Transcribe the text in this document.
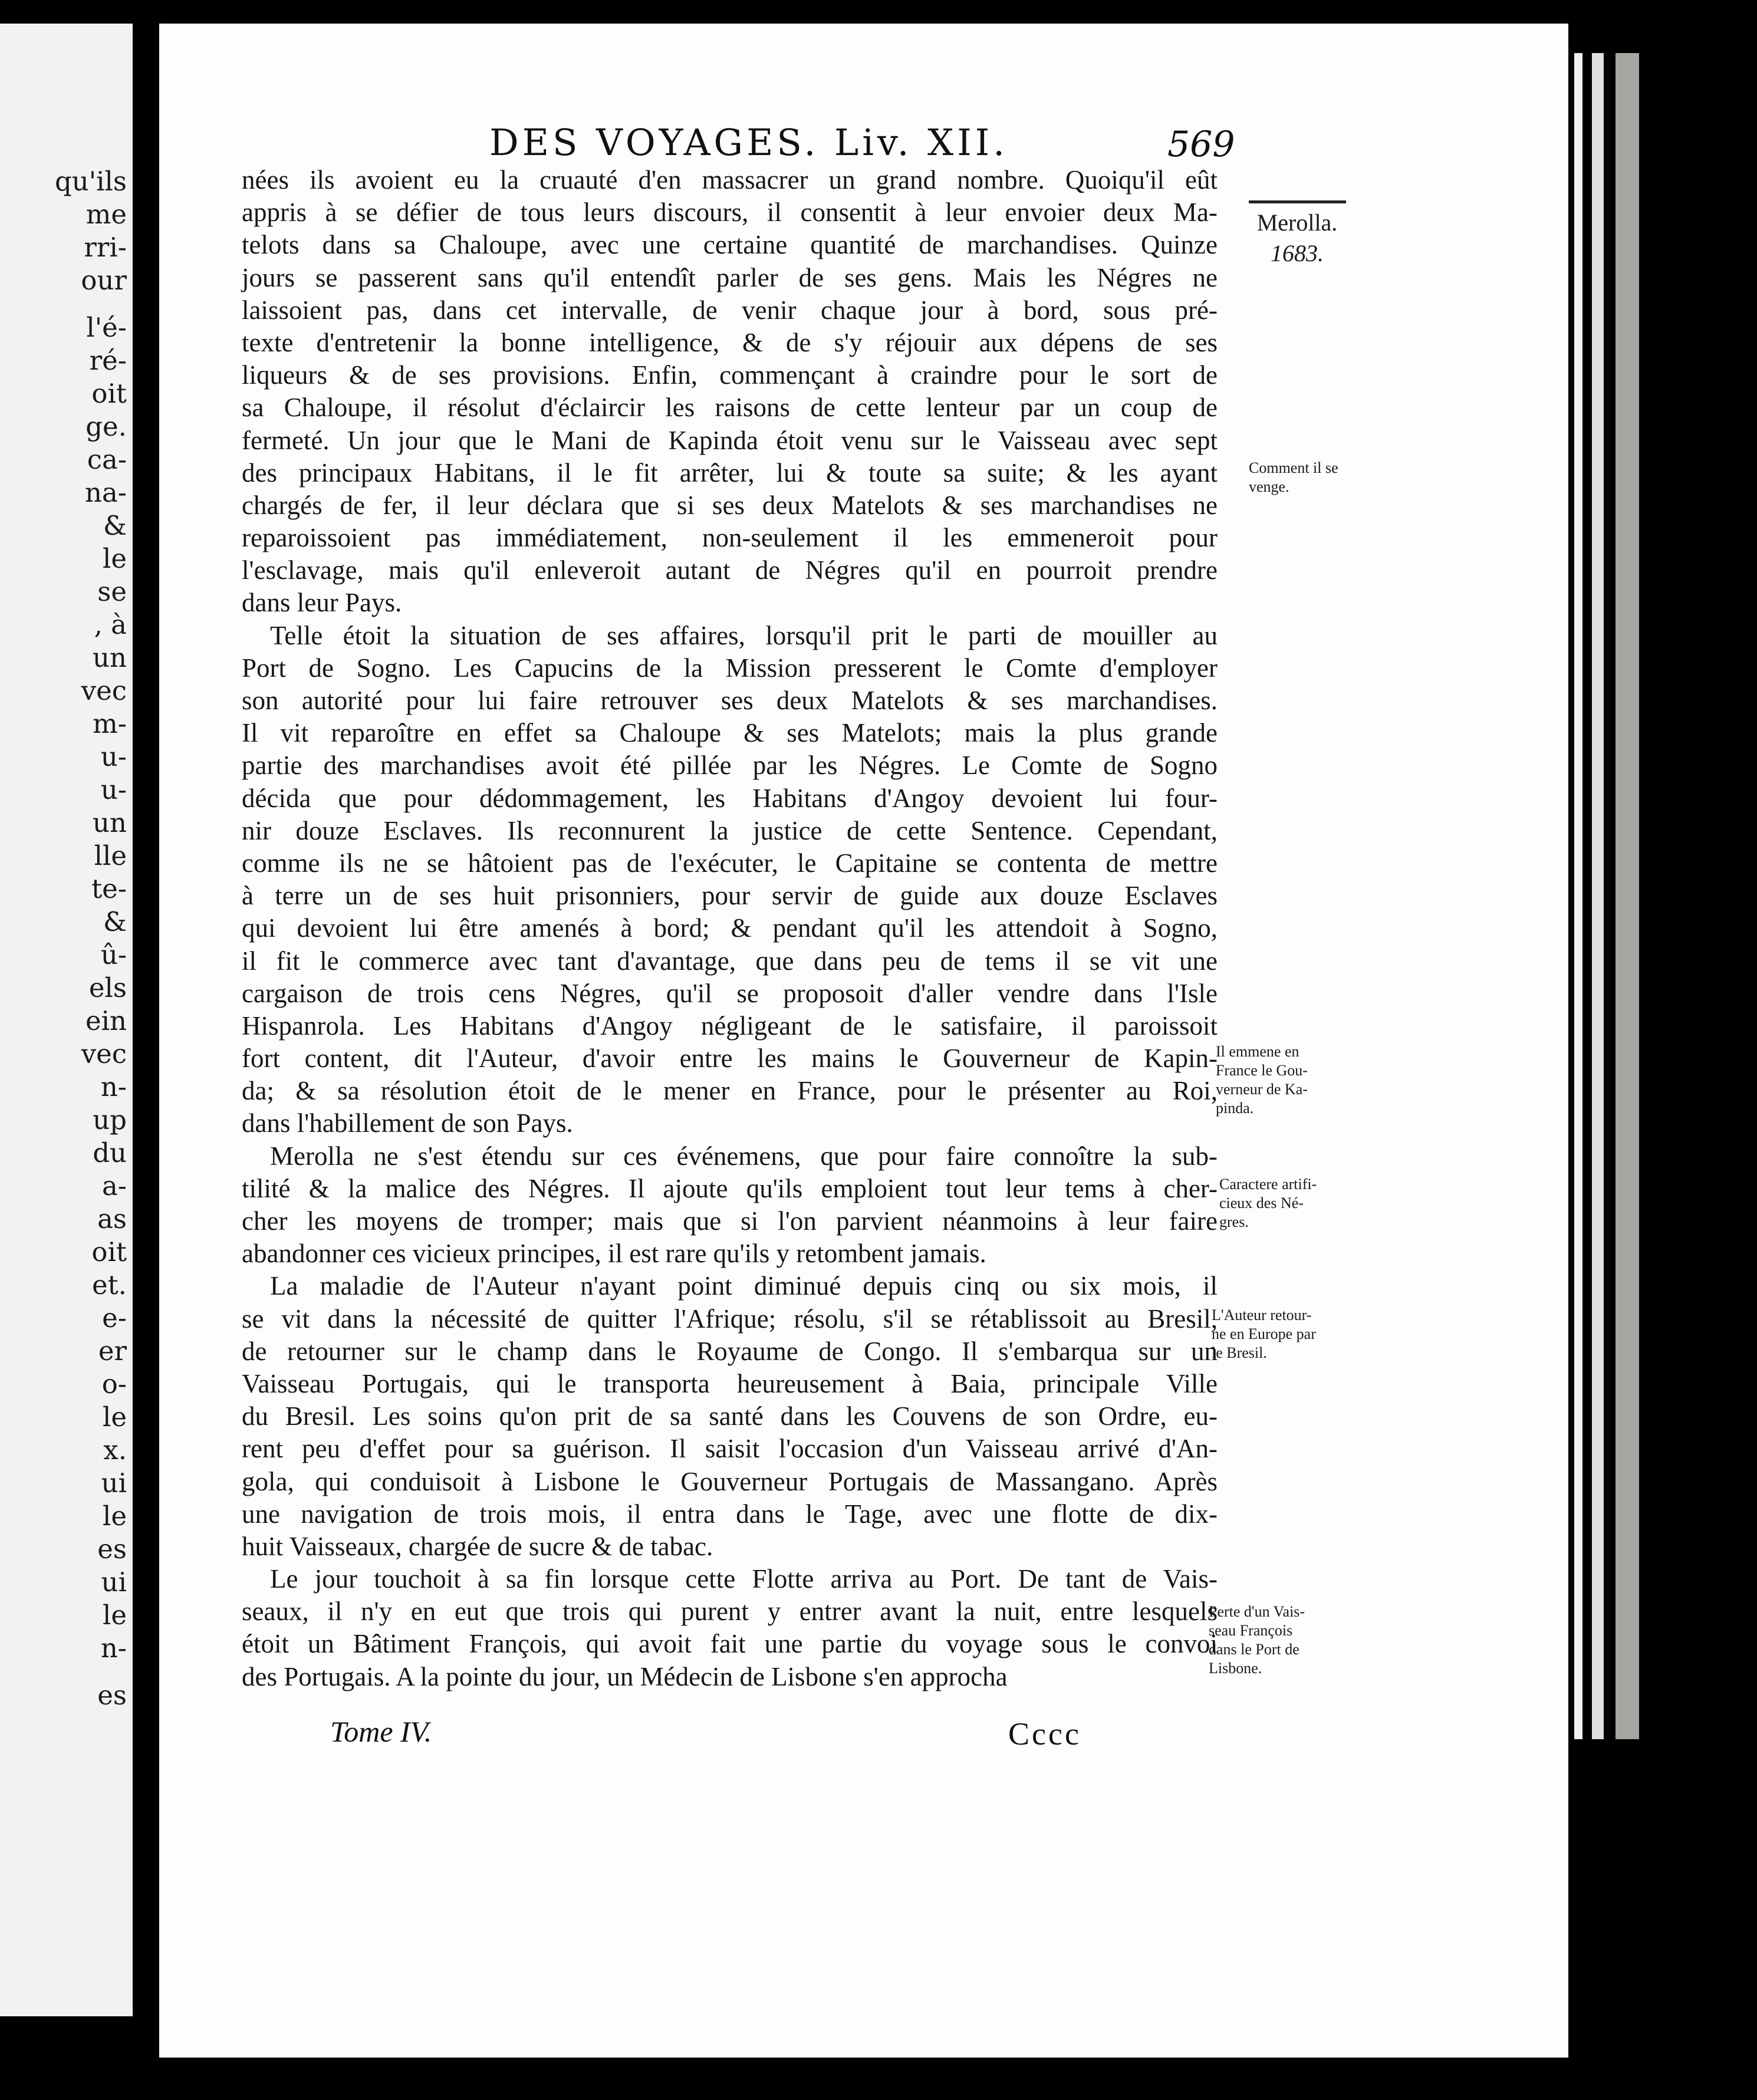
qu'ils
me
rri-
our
l'é-
ré-
oit
ge.
ca-
na-
&
le
se
, à
un
vec
m-
u-
u-
un
lle
te-
&
û-
els
ein
vec
n-
up
du
a-
as
oit
et.
e-
er
o-
le
x.
ui
le
es
ui
le
n-
es
DES VOYAGES. Liv. XII.	569
Merolla.
1683.
nées ils avoient eu la cruauté d'en massacrer un grand nombre. Quoiqu'il eût
appris à se défier de tous leurs discours, il consentit à leur envoier deux Ma-
telots dans sa Chaloupe, avec une certaine quantité de marchandises. Quinze
jours se passerent sans qu'il entendît parler de ses gens. Mais les Négres ne
laissoient pas, dans cet intervalle, de venir chaque jour à bord, sous pré-
texte d'entretenir la bonne intelligence, & de s'y réjouir aux dépens de ses
liqueurs & de ses provisions. Enfin, commençant à craindre pour le sort de
sa Chaloupe, il résolut d'éclaircir les raisons de cette lenteur par un coup de
fermeté. Un jour que le Mani de Kapinda étoit venu sur le Vaisseau avec sept
des principaux Habitans, il le fit arrêter, lui & toute sa suite; & les ayant
chargés de fer, il leur déclara que si ses deux Matelots & ses marchandises ne
reparoissoient pas immédiatement, non-seulement il les emmeneroit pour
l'esclavage, mais qu'il enleveroit autant de Négres qu'il en pourroit prendre
dans leur Pays.
Telle étoit la situation de ses affaires, lorsqu'il prit le parti de mouiller au
Port de Sogno. Les Capucins de la Mission presserent le Comte d'employer
son autorité pour lui faire retrouver ses deux Matelots & ses marchandises.
Il vit reparoître en effet sa Chaloupe & ses Matelots; mais la plus grande
partie des marchandises avoit été pillée par les Négres. Le Comte de Sogno
décida que pour dédommagement, les Habitans d'Angoy devoient lui four-
nir douze Esclaves. Ils reconnurent la justice de cette Sentence. Cependant,
comme ils ne se hâtoient pas de l'exécuter, le Capitaine se contenta de mettre
à terre un de ses huit prisonniers, pour servir de guide aux douze Esclaves
qui devoient lui être amenés à bord; & pendant qu'il les attendoit à Sogno,
il fit le commerce avec tant d'avantage, que dans peu de tems il se vit une
cargaison de trois cens Négres, qu'il se proposoit d'aller vendre dans l'Isle
Hispanrola. Les Habitans d'Angoy négligeant de le satisfaire, il paroissoit
fort content, dit l'Auteur, d'avoir entre les mains le Gouverneur de Kapin-
da; & sa résolution étoit de le mener en France, pour le présenter au Roi,
dans l'habillement de son Pays.
Merolla ne s'est étendu sur ces événemens, que pour faire connoître la sub-
tilité & la malice des Négres. Il ajoute qu'ils emploient tout leur tems à cher-
cher les moyens de tromper; mais que si l'on parvient néanmoins à leur faire
abandonner ces vicieux principes, il est rare qu'ils y retombent jamais.
La maladie de l'Auteur n'ayant point diminué depuis cinq ou six mois, il
se vit dans la nécessité de quitter l'Afrique; résolu, s'il se rétablissoit au Bresil,
de retourner sur le champ dans le Royaume de Congo. Il s'embarqua sur un
Vaisseau Portugais, qui le transporta heureusement à Baia, principale Ville
du Bresil. Les soins qu'on prit de sa santé dans les Couvens de son Ordre, eu-
rent peu d'effet pour sa guérison. Il saisit l'occasion d'un Vaisseau arrivé d'An-
gola, qui conduisoit à Lisbone le Gouverneur Portugais de Massangano. Après
une navigation de trois mois, il entra dans le Tage, avec une flotte de dix-
huit Vaisseaux, chargée de sucre & de tabac.
Le jour touchoit à sa fin lorsque cette Flotte arriva au Port. De tant de Vais-
seaux, il n'y en eut que trois qui purent y entrer avant la nuit, entre lesquels
étoit un Bâtiment François, qui avoit fait une partie du voyage sous le convoi
des Portugais. A la pointe du jour, un Médecin de Lisbone s'en approcha
Comment il se
venge.
Il emmene en
France le Gou-
verneur de Ka-
pinda.
Caractere artifi-
cieux des Né-
gres.
L'Auteur retour-
ne en Europe par
le Bresil.
Perte d'un Vais-
seau François
dans le Port de
Lisbone.
Tome IV.	Cccc
